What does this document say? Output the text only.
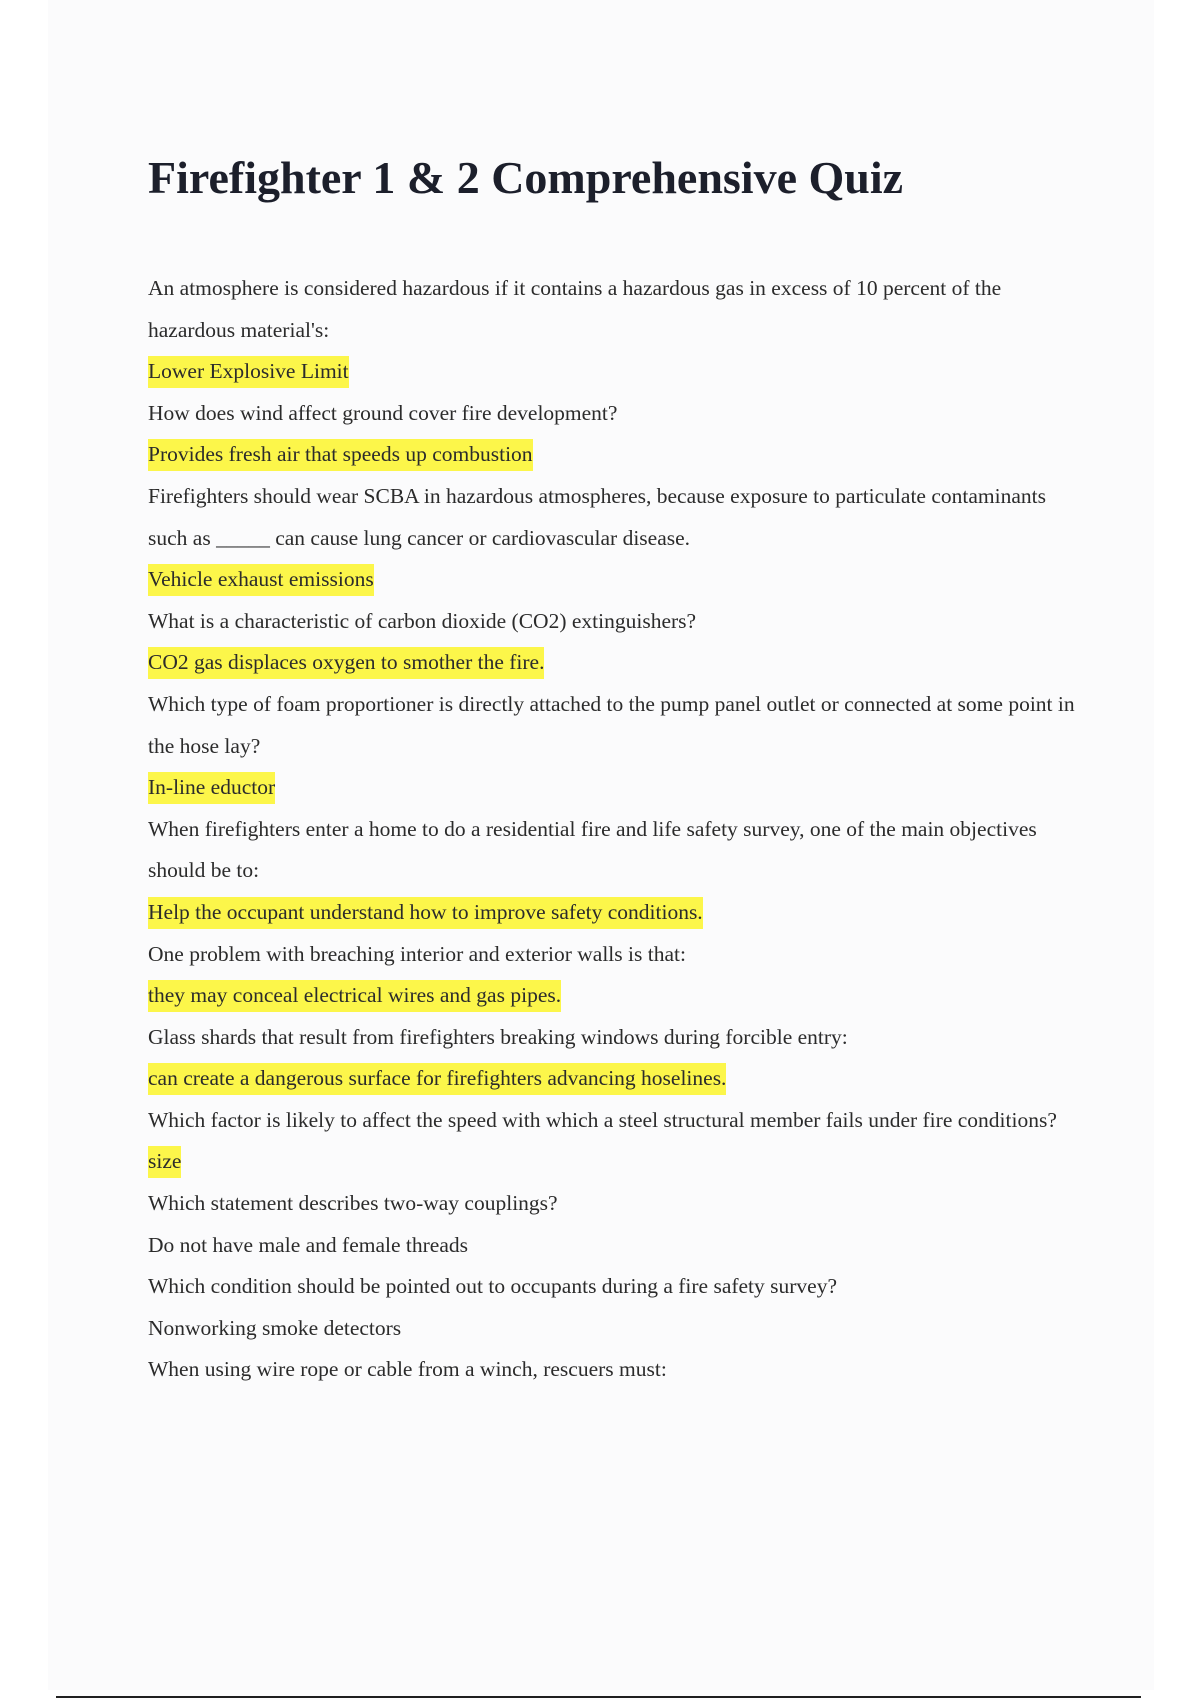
Firefighter 1 & 2 Comprehensive Quiz

An atmosphere is considered hazardous if it contains a hazardous gas in excess of 10 percent of the hazardous material's:

Lower Explosive Limit

How does wind affect ground cover fire development?

Provides fresh air that speeds up combustion

Firefighters should wear SCBA in hazardous atmospheres, because exposure to particulate contaminants such as _____ can cause lung cancer or cardiovascular disease.

Vehicle exhaust emissions

What is a characteristic of carbon dioxide (CO2) extinguishers?

CO2 gas displaces oxygen to smother the fire.

Which type of foam proportioner is directly attached to the pump panel outlet or connected at some point in the hose lay?

In-line eductor

When firefighters enter a home to do a residential fire and life safety survey, one of the main objectives should be to:

Help the occupant understand how to improve safety conditions.

One problem with breaching interior and exterior walls is that:

they may conceal electrical wires and gas pipes.

Glass shards that result from firefighters breaking windows during forcible entry:

can create a dangerous surface for firefighters advancing hoselines.

Which factor is likely to affect the speed with which a steel structural member fails under fire conditions?

size

Which statement describes two-way couplings?

Do not have male and female threads

Which condition should be pointed out to occupants during a fire safety survey?

Nonworking smoke detectors

When using wire rope or cable from a winch, rescuers must:
